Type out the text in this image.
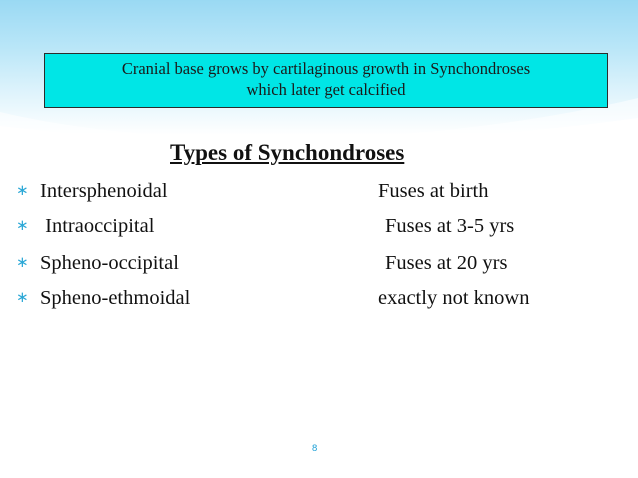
Cranial base grows by cartilaginous growth in Synchondroses
which later get calcified
Types of Synchondroses
∗ Intersphenoidal	Fuses at birth
∗ Intraoccipital	Fuses at 3-5 yrs
∗ Spheno-occipital	Fuses at 20 yrs
∗ Spheno-ethmoidal	exactly not known
8
